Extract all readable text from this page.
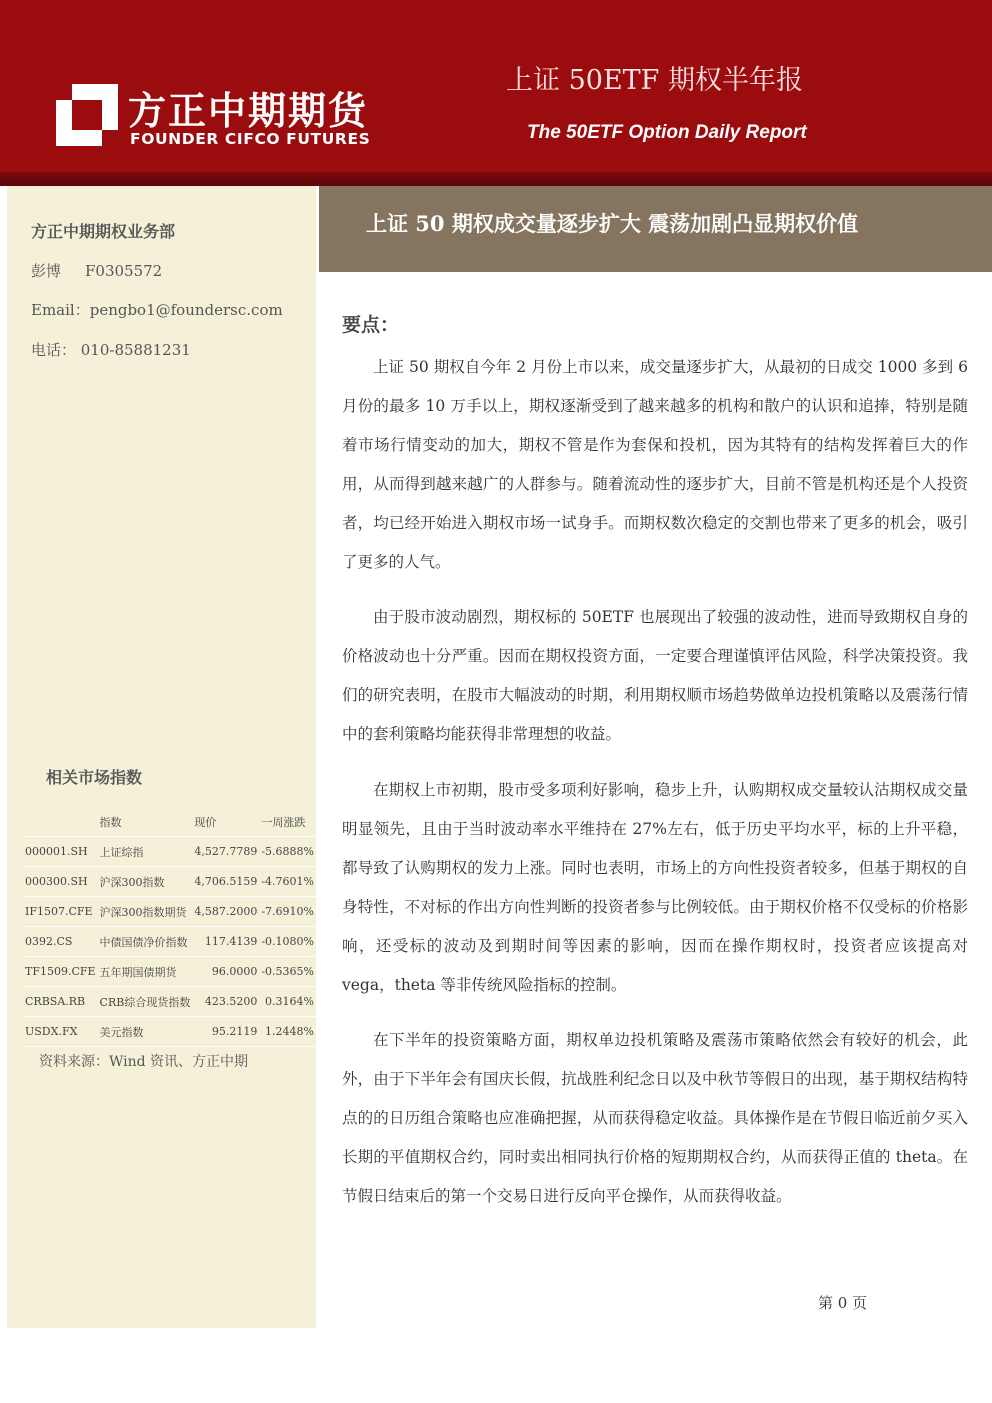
方正中期期货
FOUNDER CIFCO FUTURES
上证 50ETF 期权半年报
The 50ETF Option Daily Report
方正中期期权业务部
彭博 F0305572
Email：pengbo1@foundersc.com
电话： 010-85881231
相关市场指数
	指数	现价	一周涨跌
000001.SH	上证综指	4,527.7789	-5.6888%
000300.SH	沪深300指数	4,706.5159	-4.7601%
IF1507.CFE	沪深300指数期货	4,587.2000	-7.6910%
0392.CS	中债国债净价指数	117.4139	-0.1080%
TF1509.CFE	五年期国债期货	96.0000	-0.5365%
CRBSA.RB	CRB综合现货指数	423.5200	0.3164%
USDX.FX	美元指数	95.2119	1.2448%
资料来源：Wind 资讯、方正中期
上证 50 期权成交量逐步扩大 震荡加剧凸显期权价值
要点：

上证 50 期权自今年 2 月份上市以来，成交量逐步扩大，从最初的日成交 1000 多到 6 月份的最多 10 万手以上，期权逐渐受到了越来越多的机构和散户的认识和追捧，特别是随着市场行情变动的加大，期权不管是作为套保和投机，因为其特有的结构发挥着巨大的作用，从而得到越来越广的人群参与。随着流动性的逐步扩大，目前不管是机构还是个人投资者，均已经开始进入期权市场一试身手。而期权数次稳定的交割也带来了更多的机会，吸引了更多的人气。

由于股市波动剧烈，期权标的 50ETF 也展现出了较强的波动性，进而导致期权自身的价格波动也十分严重。因而在期权投资方面，一定要合理谨慎评估风险，科学决策投资。我们的研究表明，在股市大幅波动的时期，利用期权顺市场趋势做单边投机策略以及震荡行情中的套利策略均能获得非常理想的收益。

在期权上市初期，股市受多项利好影响，稳步上升，认购期权成交量较认沽期权成交量明显领先，且由于当时波动率水平维持在 27%左右，低于历史平均水平，标的上升平稳，都导致了认购期权的发力上涨。同时也表明，市场上的方向性投资者较多，但基于期权的自身特性，不对标的作出方向性判断的投资者参与比例较低。由于期权价格不仅受标的价格影响，还受标的波动及到期时间等因素的影响，因而在操作期权时，投资者应该提高对 vega，theta 等非传统风险指标的控制。

在下半年的投资策略方面，期权单边投机策略及震荡市策略依然会有较好的机会，此外，由于下半年会有国庆长假，抗战胜利纪念日以及中秋节等假日的出现，基于期权结构特点的的日历组合策略也应准确把握，从而获得稳定收益。具体操作是在节假日临近前夕买入长期的平值期权合约，同时卖出相同执行价格的短期期权合约，从而获得正值的 theta。在节假日结束后的第一个交易日进行反向平仓操作，从而获得收益。

第 0 页
